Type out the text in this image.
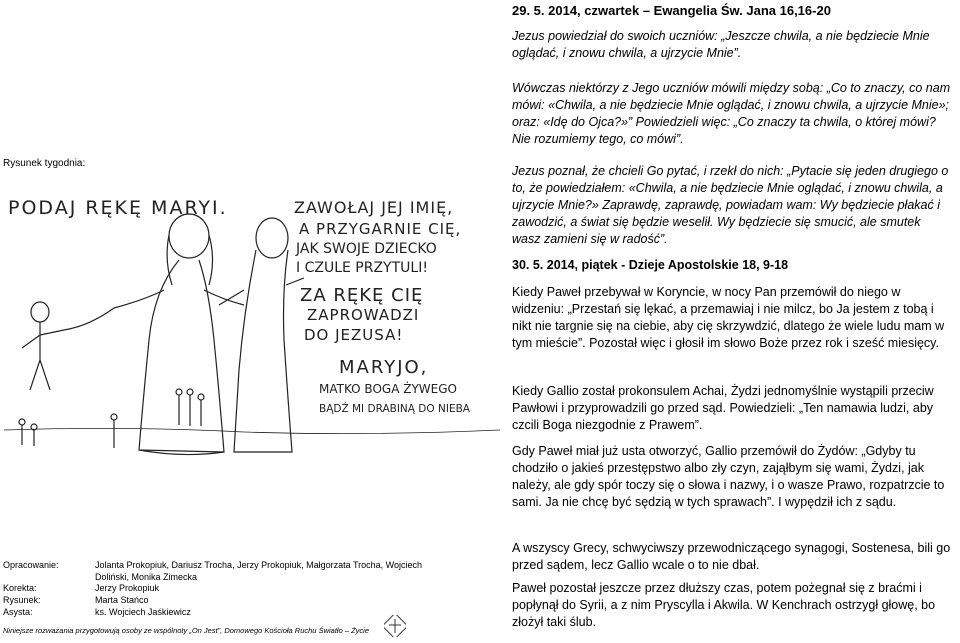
29. 5. 2014, czwartek – Ewangelia Św. Jana 16,16-20
Jezus powiedział do swoich uczniów: „Jeszcze chwila, a nie będziecie Mnie oglądać, i znowu chwila, a ujrzycie Mnie”.
Wówczas niektórzy z Jego uczniów mówili między sobą: „Co to znaczy, co nam mówi: «Chwila, a nie będziecie Mnie oglądać, i znowu chwila, a ujrzycie Mnie»; oraz: «Idę do Ojca?»” Powiedzieli więc: „Co znaczy ta chwila, o której mówi? Nie rozumiemy tego, co mówi”.
Jezus poznał, że chcieli Go pytać, i rzekł do nich: „Pytacie się jeden drugiego o to, że powiedziałem: «Chwila, a nie będziecie Mnie oglądać, i znowu chwila, a ujrzycie Mnie?» Zaprawdę, zaprawdę, powiadam wam: Wy będziecie płakać i zawodzić, a świat się będzie weselił. Wy będziecie się smucić, ale smutek wasz zamieni się w radość”.
30. 5. 2014, piątek - Dzieje Apostolskie 18, 9-18
Kiedy Paweł przebywał w Koryncie, w nocy Pan przemówił do niego w widzeniu: „Przestań się lękać, a przemawiaj i nie milcz, bo Ja jestem z tobą i nikt nie targnie się na ciebie, aby cię skrzywdzić, dlatego że wiele ludu mam w tym mieście”. Pozostał więc i głosił im słowo Boże przez rok i sześć miesięcy.
Kiedy Gallio został prokonsulem Achai, Żydzi jednomyślnie wystąpili przeciw Pawłowi i przyprowadzili go przed sąd. Powiedzieli: „Ten namawia ludzi, aby czcili Boga niezgodnie z Prawem”.
Gdy Paweł miał już usta otworzyć, Gallio przemówił do Żydów: „Gdyby tu chodziło o jakieś przestępstwo albo zły czyn, zająłbym się wami, Żydzi, jak należy, ale gdy spór toczy się o słowa i nazwy, i o wasze Prawo, rozpatrzcie to sami. Ja nie chcę być sędzią w tych sprawach”. I wypędził ich z sądu.
A wszyscy Grecy, schwyciwszy przewodniczącego synagogi, Sostenesa, bili go przed sądem, lecz Gallio wcale o to nie dbał.
Paweł pozostał jeszcze przez dłuższy czas, potem pożegnał się z braćmi i popłynął do Syrii, a z nim Pryscylla i Akwila. W Kenchrach ostrzygł głowę, bo złożył taki ślub.
Rysunek tygodnia:
PODAJ RĘKĘ MARYI.	ZAWOŁAJ JEJ IMIĘ,
A PRZYGARNIE CIĘ,
JAK SWOJE DZIECKO
I CZULE PRZYTULI!
ZA RĘKĘ CIĘ
ZAPROWADZI
DO JEZUSA!
MARYJO,
MATKO BOGA ŻYWEGO
BĄDŹ MI DRABINĄ DO NIEBA
Opracowanie:	Jolanta Prokopiuk, Dariusz Trocha, Jerzy Prokopiuk, Małgorzata Trocha, Wojciech Doliński, Monika Zimecka
Korekta:	Jerzy Prokopiuk
Rysunek:	Marta Stańco
Asysta:	ks. Wojciech Jaśkiewicz
Niniejsze rozważania przygotowują osoby ze wspólnoty „On Jest”, Domowego Kościoła Ruchu Światło – Życie
